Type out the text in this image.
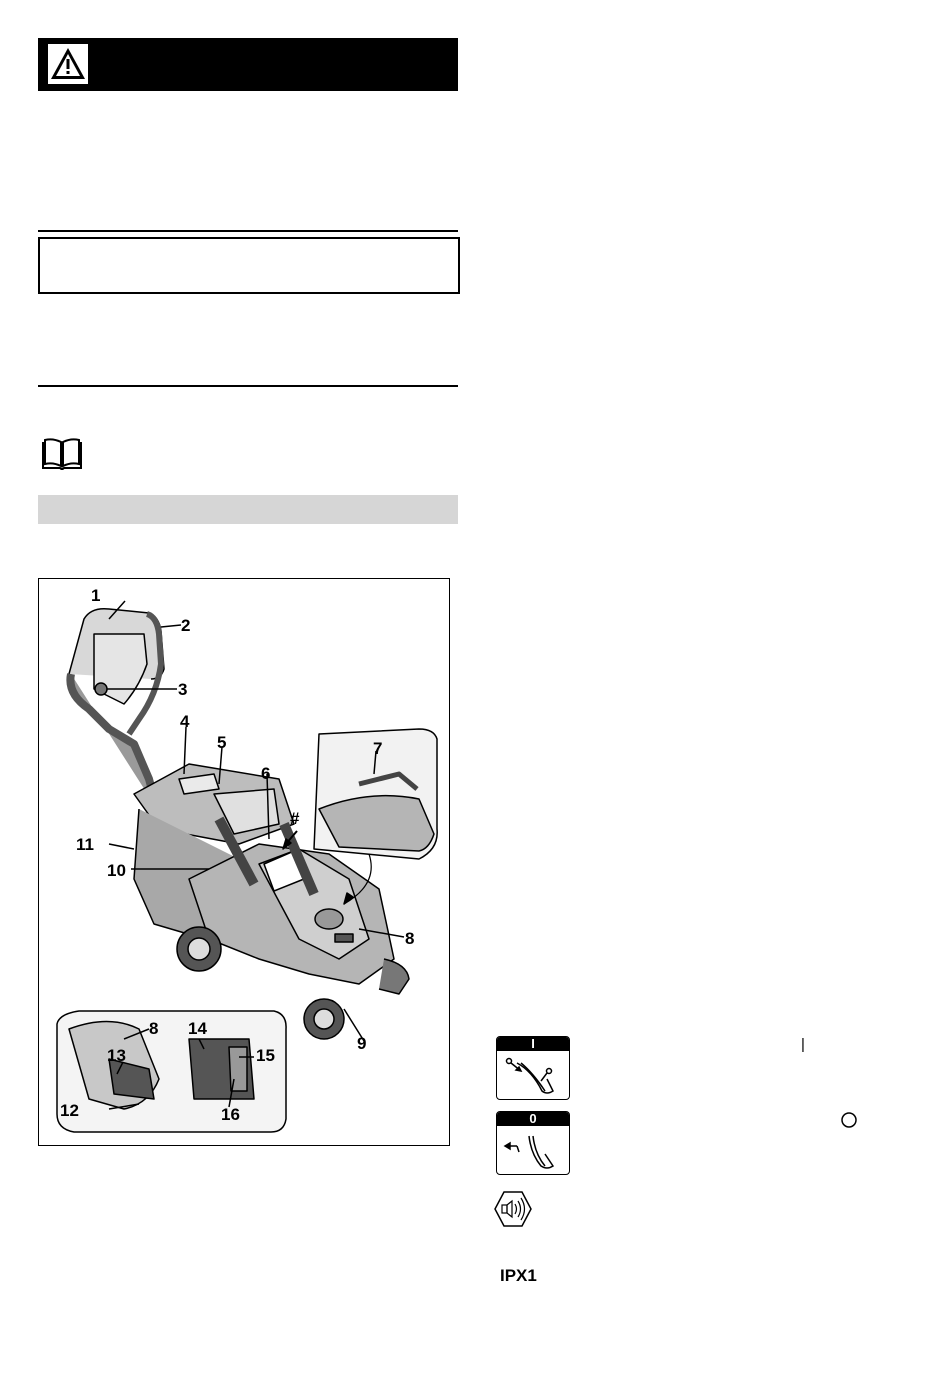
1
2
3
4
5
6
#
7
8
9
10
11
8
12
13
14
15
16
I	|
0
IPX1
